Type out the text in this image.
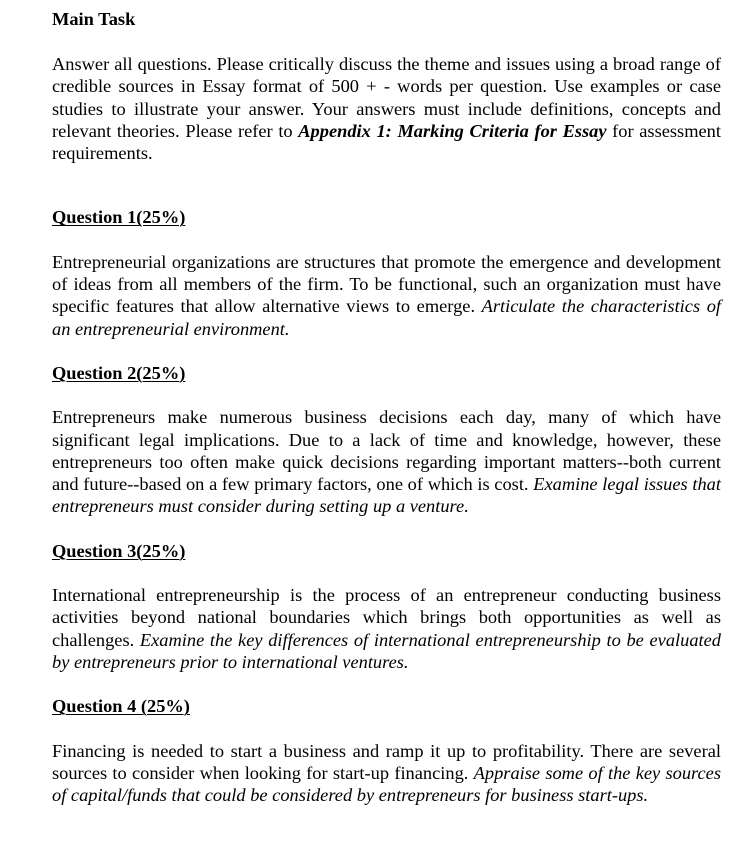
Main Task

Answer all questions. Please critically discuss the theme and issues using a broad range of credible sources in Essay format of 500 + - words per question. Use examples or case studies to illustrate your answer. Your answers must include definitions, concepts and relevant theories. Please refer to Appendix 1: Marking Criteria for Essay for assessment requirements.

Question 1(25%)

Entrepreneurial organizations are structures that promote the emergence and development of ideas from all members of the firm. To be functional, such an organization must have specific features that allow alternative views to emerge. Articulate the characteristics of an entrepreneurial environment.

Question 2(25%)

Entrepreneurs make numerous business decisions each day, many of which have significant legal implications. Due to a lack of time and knowledge, however, these entrepreneurs too often make quick decisions regarding important matters--both current and future--based on a few primary factors, one of which is cost. Examine legal issues that entrepreneurs must consider during setting up a venture.

Question 3(25%)

International entrepreneurship is the process of an entrepreneur conducting business activities beyond national boundaries which brings both opportunities as well as challenges. Examine the key differences of international entrepreneurship to be evaluated by entrepreneurs prior to international ventures.

Question 4 (25%)

Financing is needed to start a business and ramp it up to profitability. There are several sources to consider when looking for start-up financing. Appraise some of the key sources of capital/funds that could be considered by entrepreneurs for business start-ups.
